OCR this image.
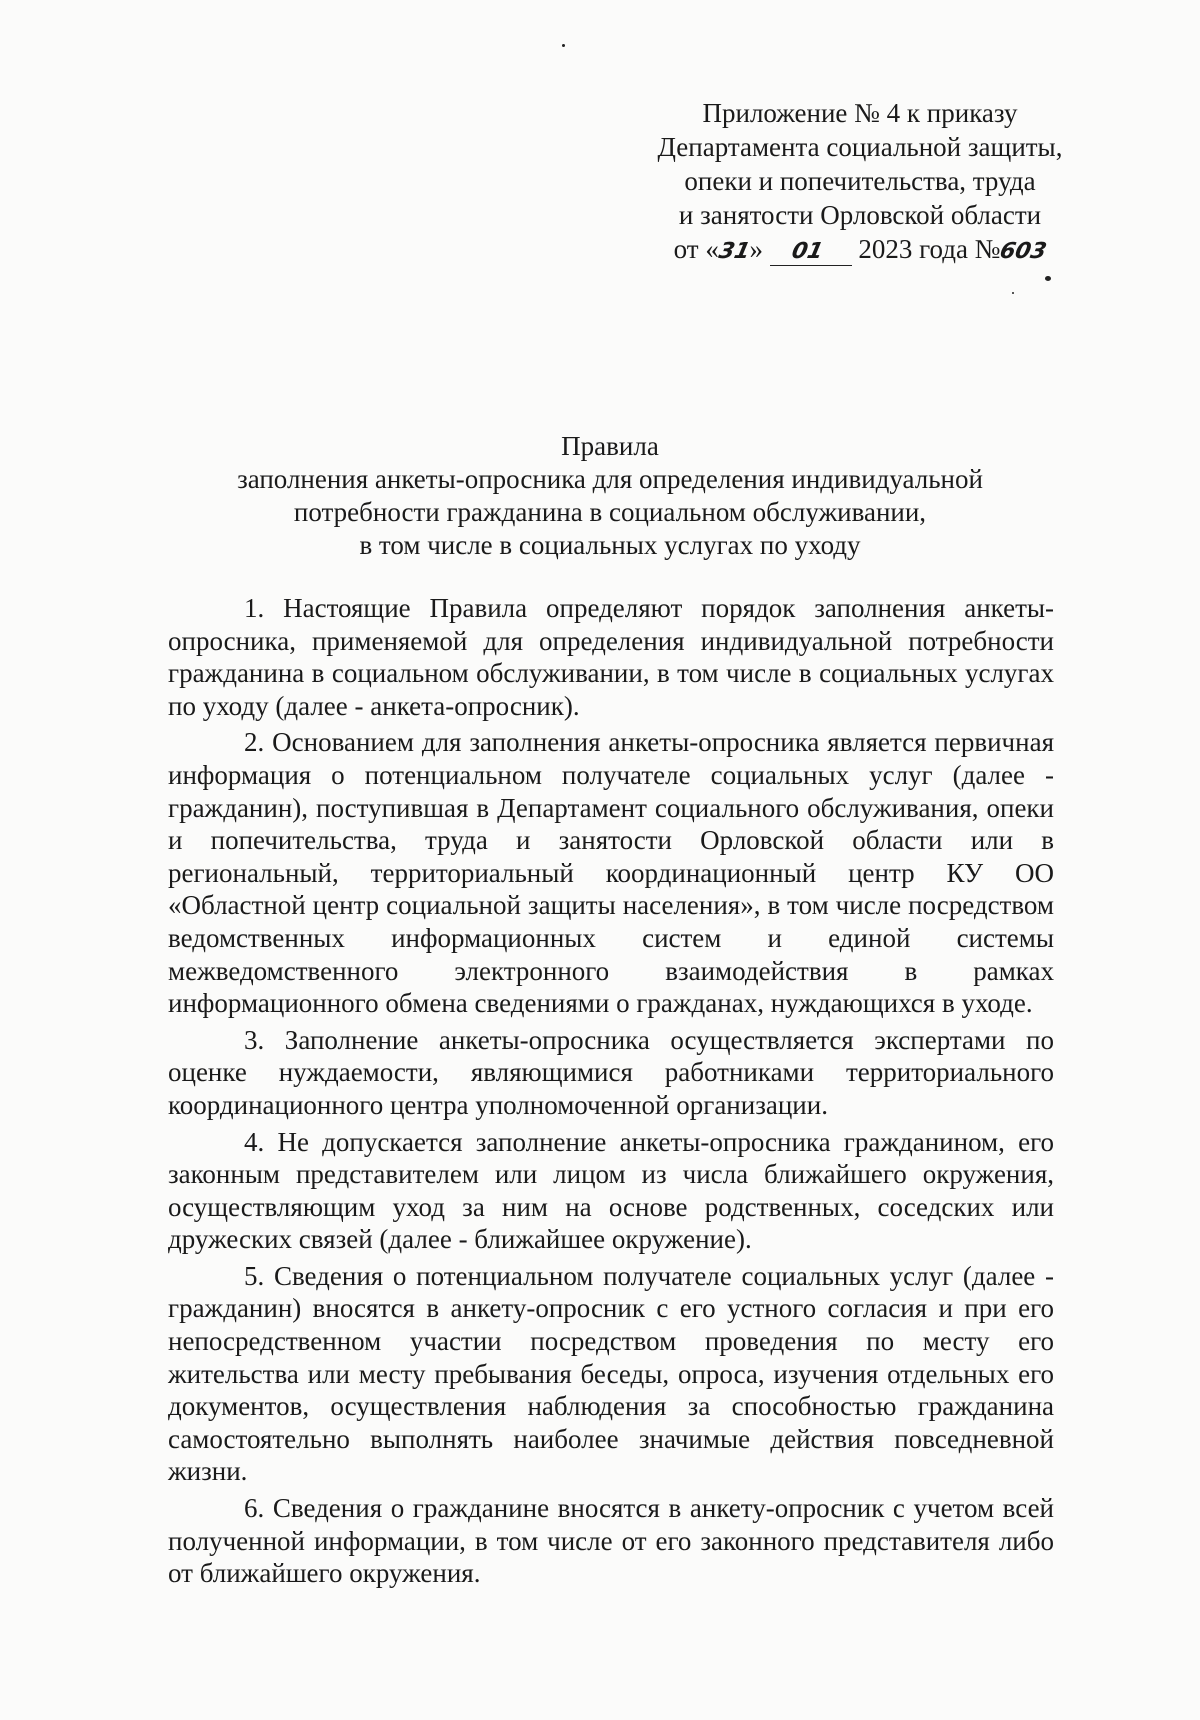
Приложение № 4 к приказу
Департамента социальной защиты,
опеки и попечительства, труда
и занятости Орловской области
от «31» 01 2023 года №603
Правила
заполнения анкеты-опросника для определения индивидуальной
потребности гражданина в социальном обслуживании,
в том числе в социальных услугах по уходу

1. Настоящие Правила определяют порядок заполнения анкеты-опросника, применяемой для определения индивидуальной потребности гражданина в социальном обслуживании, в том числе в социальных услугах по уходу (далее - анкета-опросник).

2. Основанием для заполнения анкеты-опросника является первичная информация о потенциальном получателе социальных услуг (далее - гражданин), поступившая в Департамент социального обслуживания, опеки и попечительства, труда и занятости Орловской области или в региональный, территориальный координационный центр КУ ОО «Областной центр социальной защиты населения», в том числе посредством ведомственных информационных систем и единой системы межведомственного электронного взаимодействия в рамках информационного обмена сведениями о гражданах, нуждающихся в уходе.

3. Заполнение анкеты-опросника осуществляется экспертами по оценке нуждаемости, являющимися работниками территориального координационного центра уполномоченной организации.

4. Не допускается заполнение анкеты-опросника гражданином, его законным представителем или лицом из числа ближайшего окружения, осуществляющим уход за ним на основе родственных, соседских или дружеских связей (далее - ближайшее окружение).

5. Сведения о потенциальном получателе социальных услуг (далее - гражданин) вносятся в анкету-опросник с его устного согласия и при его непосредственном участии посредством проведения по месту его жительства или месту пребывания беседы, опроса, изучения отдельных его документов, осуществления наблюдения за способностью гражданина самостоятельно выполнять наиболее значимые действия повседневной жизни.

6. Сведения о гражданине вносятся в анкету-опросник с учетом всей полученной информации, в том числе от его законного представителя либо от ближайшего окружения.
